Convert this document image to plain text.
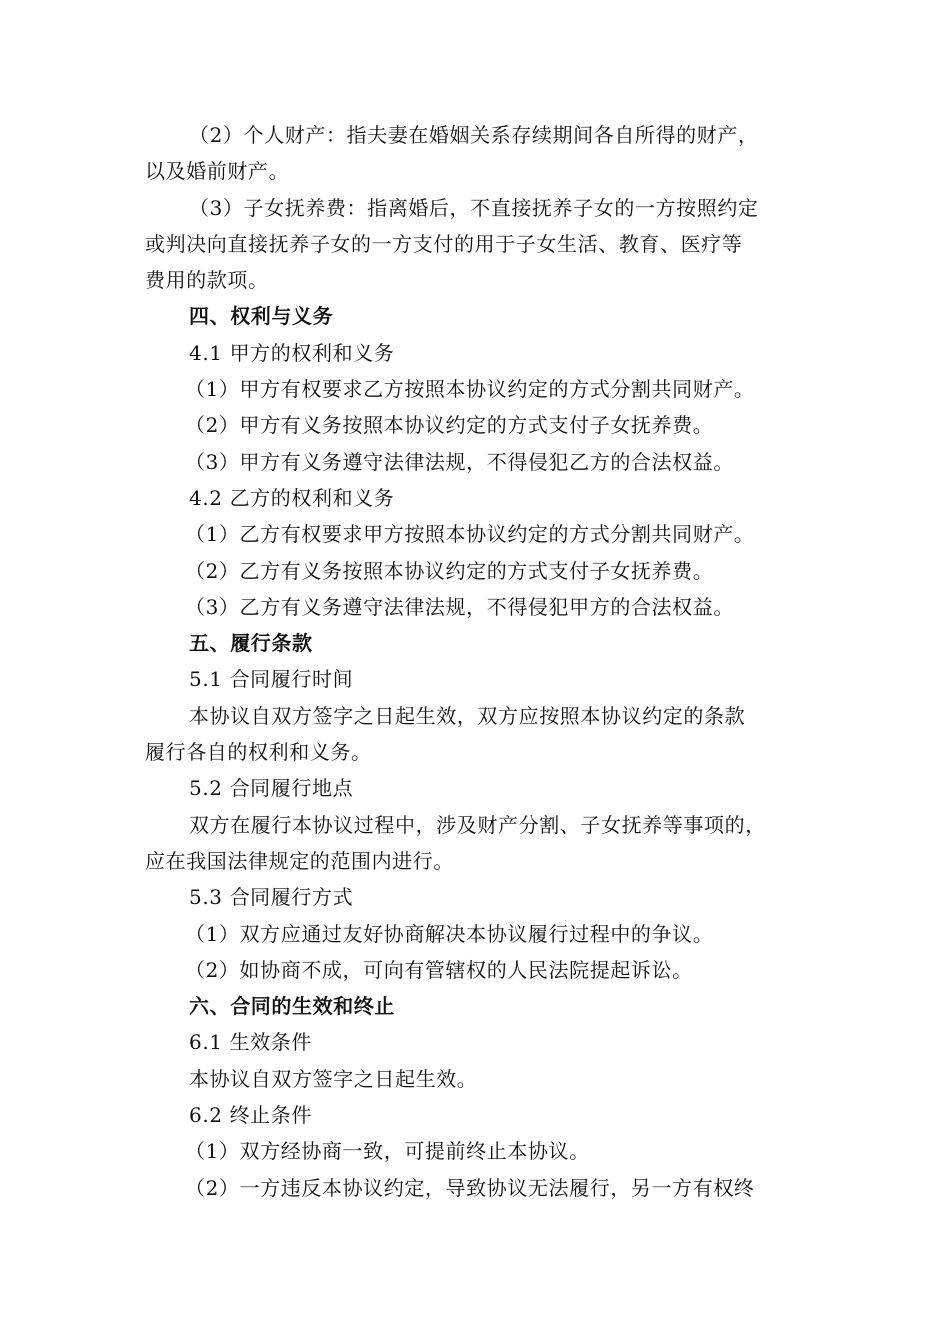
（2）个人财产：指夫妻在婚姻关系存续期间各自所得的财产，
以及婚前财产。
（3）子女抚养费：指离婚后，不直接抚养子女的一方按照约定
或判决向直接抚养子女的一方支付的用于子女生活、教育、医疗等
费用的款项。
四、权利与义务
4.1 甲方的权利和义务
（1）甲方有权要求乙方按照本协议约定的方式分割共同财产。
（2）甲方有义务按照本协议约定的方式支付子女抚养费。
（3）甲方有义务遵守法律法规，不得侵犯乙方的合法权益。
4.2 乙方的权利和义务
（1）乙方有权要求甲方按照本协议约定的方式分割共同财产。
（2）乙方有义务按照本协议约定的方式支付子女抚养费。
（3）乙方有义务遵守法律法规，不得侵犯甲方的合法权益。
五、履行条款
5.1 合同履行时间
本协议自双方签字之日起生效，双方应按照本协议约定的条款
履行各自的权利和义务。
5.2 合同履行地点
双方在履行本协议过程中，涉及财产分割、子女抚养等事项的，
应在我国法律规定的范围内进行。
5.3 合同履行方式
（1）双方应通过友好协商解决本协议履行过程中的争议。
（2）如协商不成，可向有管辖权的人民法院提起诉讼。
六、合同的生效和终止
6.1 生效条件
本协议自双方签字之日起生效。
6.2 终止条件
（1）双方经协商一致，可提前终止本协议。
（2）一方违反本协议约定，导致协议无法履行，另一方有权终
